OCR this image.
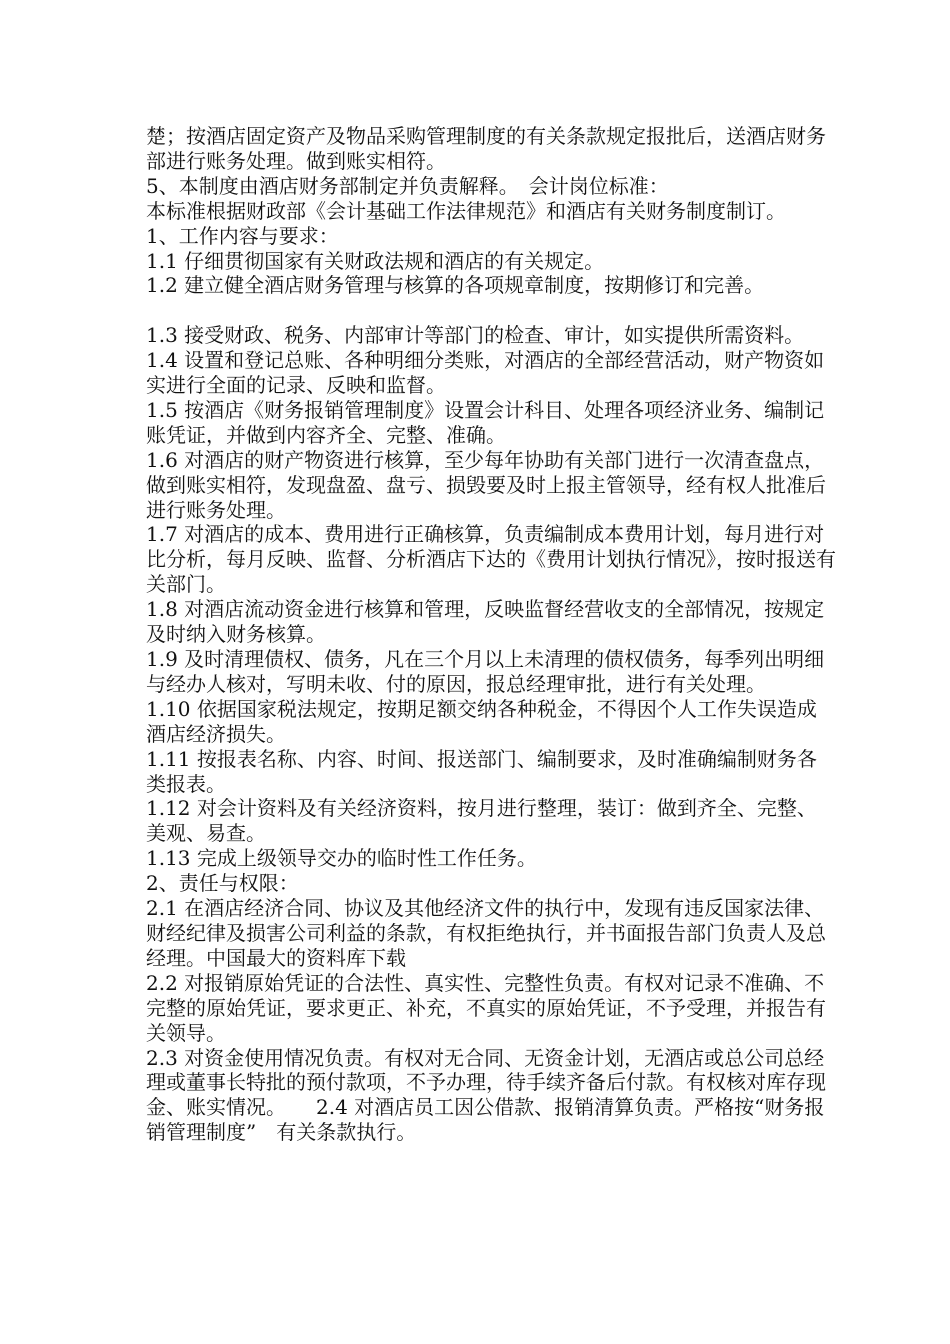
楚；按酒店固定资产及物品采购管理制度的有关条款规定报批后，送酒店财务部进行账务处理。做到账实相符。

5、本制度由酒店财务部制定并负责解释。　会计岗位标准：

本标准根据财政部《会计基础工作法律规范》和酒店有关财务制度制订。

1、工作内容与要求：

1.1 仔细贯彻国家有关财政法规和酒店的有关规定。

1.2 建立健全酒店财务管理与核算的各项规章制度，按期修订和完善。

1.3 接受财政、税务、内部审计等部门的检查、审计，如实提供所需资料。

1.4 设置和登记总账、各种明细分类账，对酒店的全部经营活动，财产物资如实进行全面的记录、反映和监督。

1.5 按酒店《财务报销管理制度》设置会计科目、处理各项经济业务、编制记账凭证，并做到内容齐全、完整、准确。

1.6 对酒店的财产物资进行核算，至少每年协助有关部门进行一次清查盘点，做到账实相符，发现盘盈、盘亏、损毁要及时上报主管领导，经有权人批准后进行账务处理。

1.7 对酒店的成本、费用进行正确核算，负责编制成本费用计划，每月进行对比分析，每月反映、监督、分析酒店下达的《费用计划执行情况》，按时报送有关部门。

1.8 对酒店流动资金进行核算和管理，反映监督经营收支的全部情况，按规定及时纳入财务核算。

1.9 及时清理债权、债务，凡在三个月以上未清理的债权债务，每季列出明细与经办人核对，写明未收、付的原因，报总经理审批，进行有关处理。

1.10 依据国家税法规定，按期足额交纳各种税金，不得因个人工作失误造成酒店经济损失。

1.11 按报表名称、内容、时间、报送部门、编制要求，及时准确编制财务各类报表。

1.12 对会计资料及有关经济资料，按月进行整理，装订：做到齐全、完整、美观、易查。

1.13 完成上级领导交办的临时性工作任务。

2、责任与权限：

2.1 在酒店经济合同、协议及其他经济文件的执行中，发现有违反国家法律、财经纪律及损害公司利益的条款，有权拒绝执行，并书面报告部门负责人及总经理。中国最大的资料库下载

2.2 对报销原始凭证的合法性、真实性、完整性负责。有权对记录不准确、不完整的原始凭证，要求更正、补充，不真实的原始凭证，不予受理，并报告有关领导。

2.3 对资金使用情况负责。有权对无合同、无资金计划，无酒店或总公司总经理或董事长特批的预付款项，不予办理，待手续齐备后付款。有权核对库存现金、账实情况。　　2.4 对酒店员工因公借款、报销清算负责。严格按“财务报销管理制度”　有关条款执行。
